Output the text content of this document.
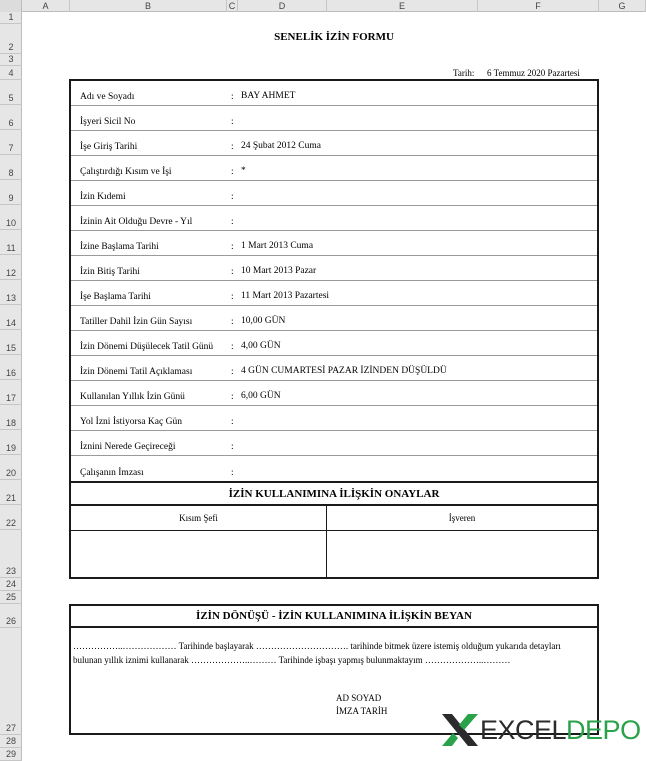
A	B	C	D	E	F	G
1
2
3
4
5
6
7
8
9
10
11
12
13
14
15
16
17
18
19
20
21
22
23
24
25
26
27
28
29
SENELİK İZİN FORMU
Tarih: 6 Temmuz 2020 Pazartesi
Adı ve Soyadı	: BAY AHMET
İşyeri Sicil No	:
İşe Giriş Tarihi	: 24 Şubat 2012 Cuma
Çalıştırdığı Kısım ve İşi	: *
İzin Kıdemi	:
İzinin Ait Olduğu Devre - Yıl	:
İzine Başlama Tarihi	: 1 Mart 2013 Cuma
İzin Bitiş Tarihi	: 10 Mart 2013 Pazar
İşe Başlama Tarihi	: 11 Mart 2013 Pazartesi
Tatiller Dahil İzin Gün Sayısı	: 10,00 GÜN
İzin Dönemi Düşülecek Tatil Günü : 4,00 GÜN
İzin Dönemi Tatil Açıklaması	: 4 GÜN CUMARTESİ PAZAR İZİNDEN DÜŞÜLDÜ
Kullanılan Yıllık İzin Günü	: 6,00 GÜN
Yol İzni İstiyorsa Kaç Gün	:
İznini Nerede Geçireceği	:
Çalışanın İmzası	:
İZİN KULLANIMINA İLİŞKİN ONAYLAR
Kısım Şefi	İşveren
İZİN DÖNÜŞÜ - İZİN KULLANIMINA İLİŞKİN BEYAN
……………..……………… Tarihinde başlayarak …………………………. tarihinde bitmek üzere istemiş olduğum yukarıda detayları
bulunan yıllık iznimi kullanarak ………………..……… Tarihinde işbaşı yapmış bulunmaktayım ………………..………
AD SOYAD
İMZA TARİH
EXCEL DEPO
